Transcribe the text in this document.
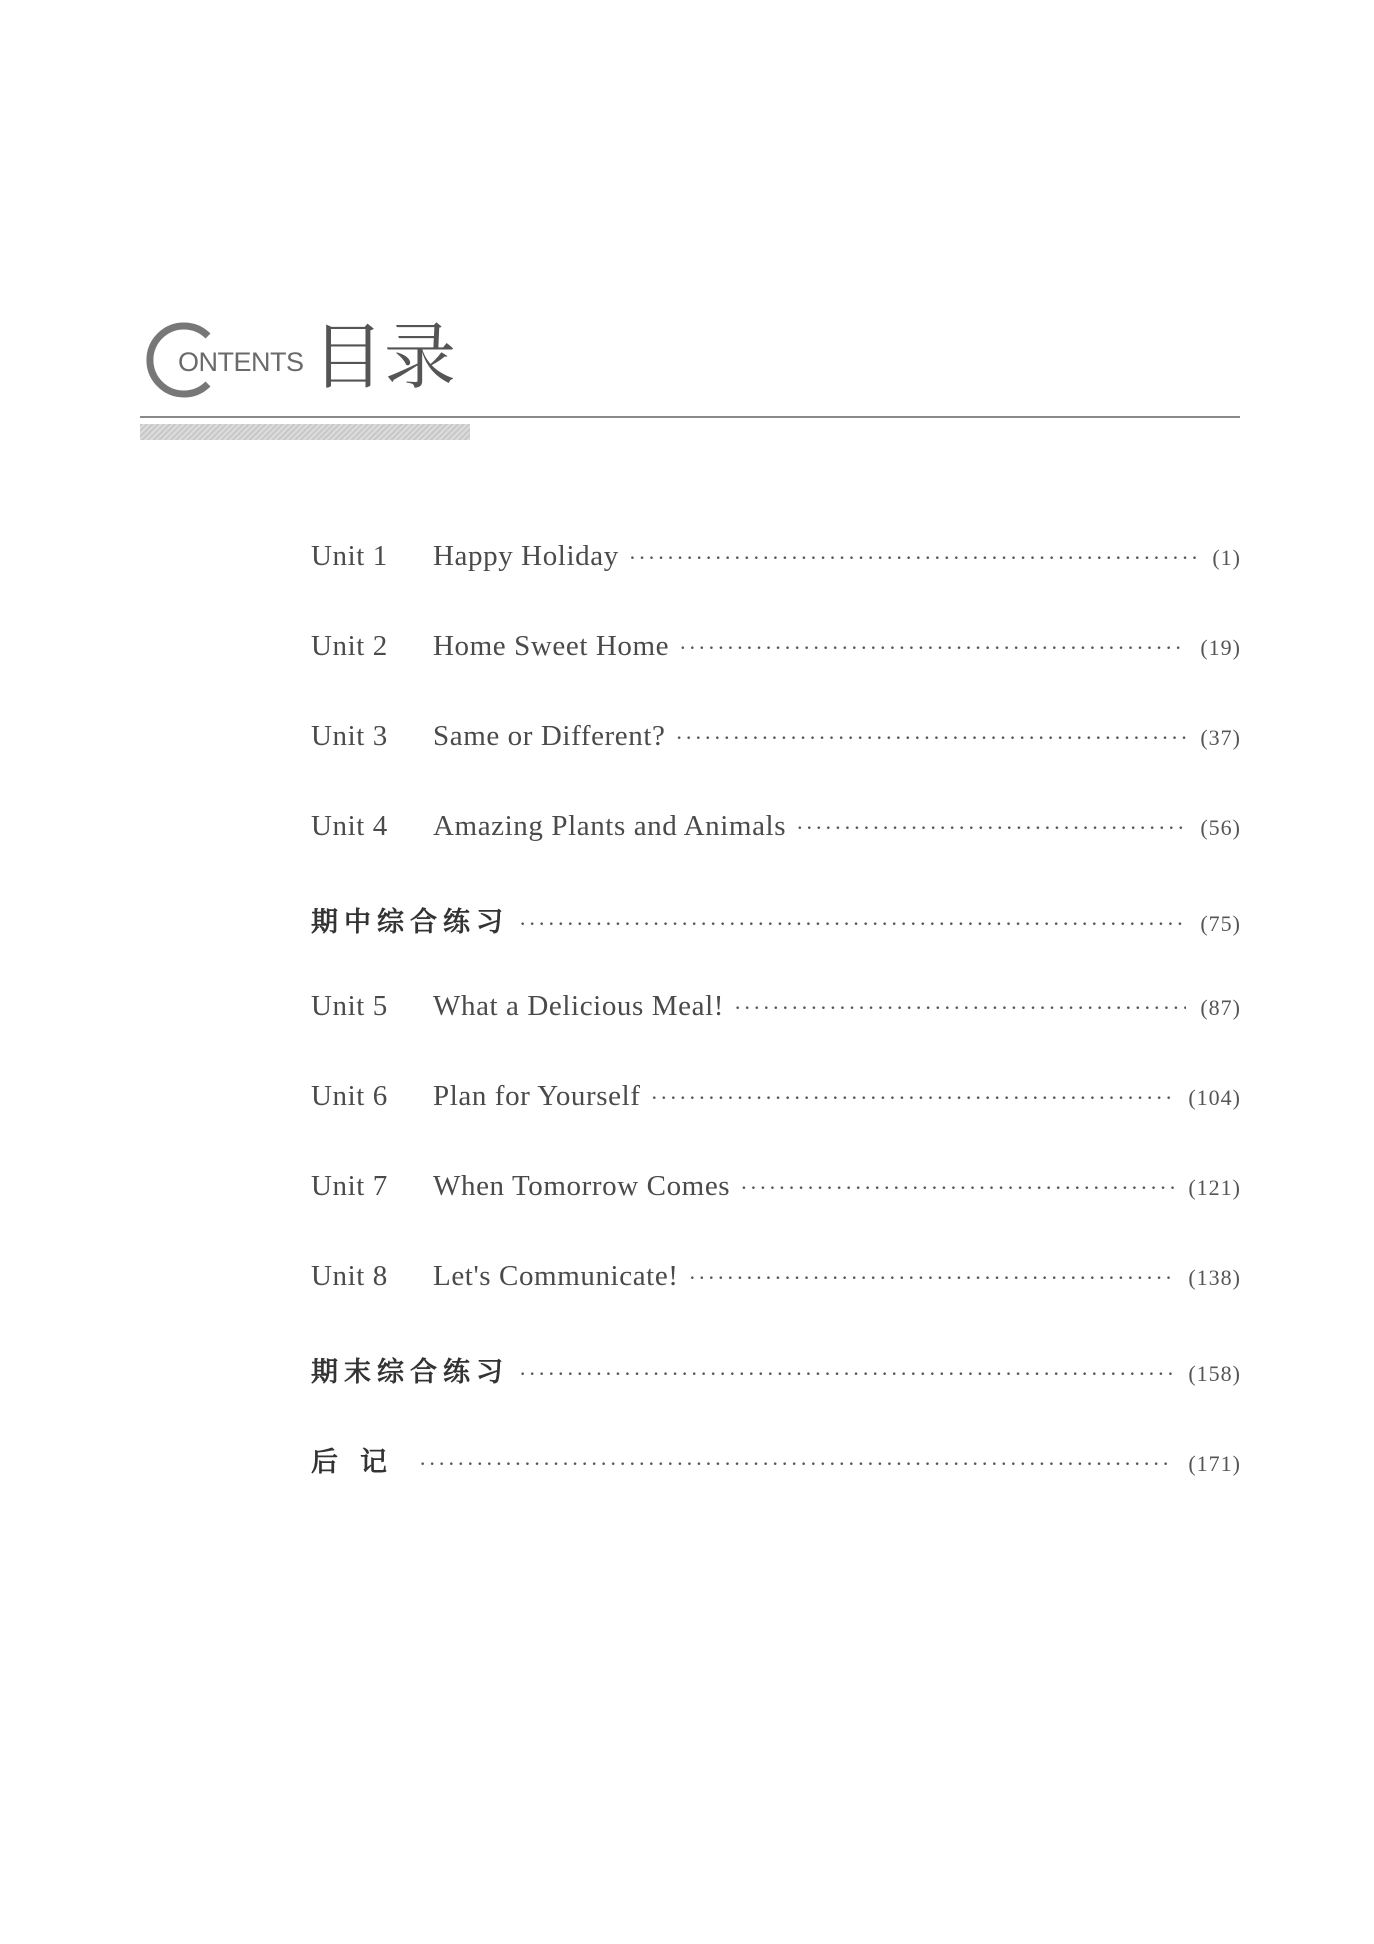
ONTENTS 目录
Unit 1	Happy Holiday ·····	(1)
Unit 2	Home Sweet Home ·····	(19)
Unit 3	Same or Different? ·····	(37)
Unit 4	Amazing Plants and Animals ·····	(56)
期中综合练习 ·····	(75)
Unit 5	What a Delicious Meal! ·····	(87)
Unit 6	Plan for Yourself ·····	(104)
Unit 7	When Tomorrow Comes ·····	(121)
Unit 8	Let's Communicate! ·····	(138)
期末综合练习 ·····	(158)
后记 ·····	(171)
